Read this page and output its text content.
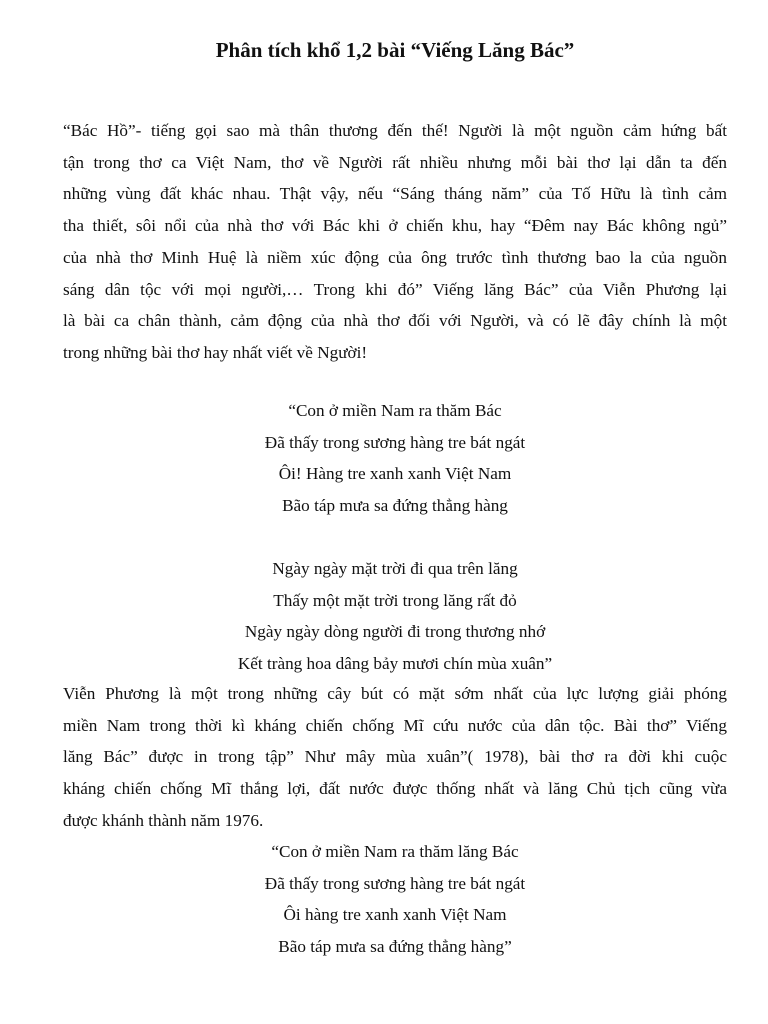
Phân tích khổ 1,2 bài “Viếng Lăng Bác”

“Bác Hồ”- tiếng gọi sao mà thân thương đến thế! Người là một nguồn cảm hứng bất
tận trong thơ ca Việt Nam, thơ về Người rất nhiều nhưng mỗi bài thơ lại dẫn ta đến
những vùng đất khác nhau. Thật vậy, nếu “Sáng tháng năm” của Tố Hữu là tình cảm
tha thiết, sôi nổi của nhà thơ với Bác khi ở chiến khu, hay “Đêm nay Bác không ngủ”
của nhà thơ Minh Huệ là niềm xúc động của ông trước tình thương bao la của nguồn
sáng dân tộc với mọi người,… Trong khi đó” Viếng lăng Bác” của Viễn Phương lại
là bài ca chân thành, cảm động của nhà thơ đối với Người, và có lẽ đây chính là một
trong những bài thơ hay nhất viết về Người!

“Con ở miền Nam ra thăm Bác
Đã thấy trong sương hàng tre bát ngát
Ôi! Hàng tre xanh xanh Việt Nam
Bão táp mưa sa đứng thẳng hàng
Ngày ngày mặt trời đi qua trên lăng
Thấy một mặt trời trong lăng rất đỏ
Ngày ngày dòng người đi trong thương nhớ
Kết tràng hoa dâng bảy mươi chín mùa xuân”

Viễn Phương là một trong những cây bút có mặt sớm nhất của lực lượng giải phóng
miền Nam trong thời kì kháng chiến chống Mĩ cứu nước của dân tộc. Bài thơ” Viếng
lăng Bác” được in trong tập” Như mây mùa xuân”( 1978), bài thơ ra đời khi cuộc
kháng chiến chống Mĩ thắng lợi, đất nước được thống nhất và lăng Chủ tịch cũng vừa
được khánh thành năm 1976.

“Con ở miền Nam ra thăm lăng Bác
Đã thấy trong sương hàng tre bát ngát
Ôi hàng tre xanh xanh Việt Nam
Bão táp mưa sa đứng thẳng hàng”
